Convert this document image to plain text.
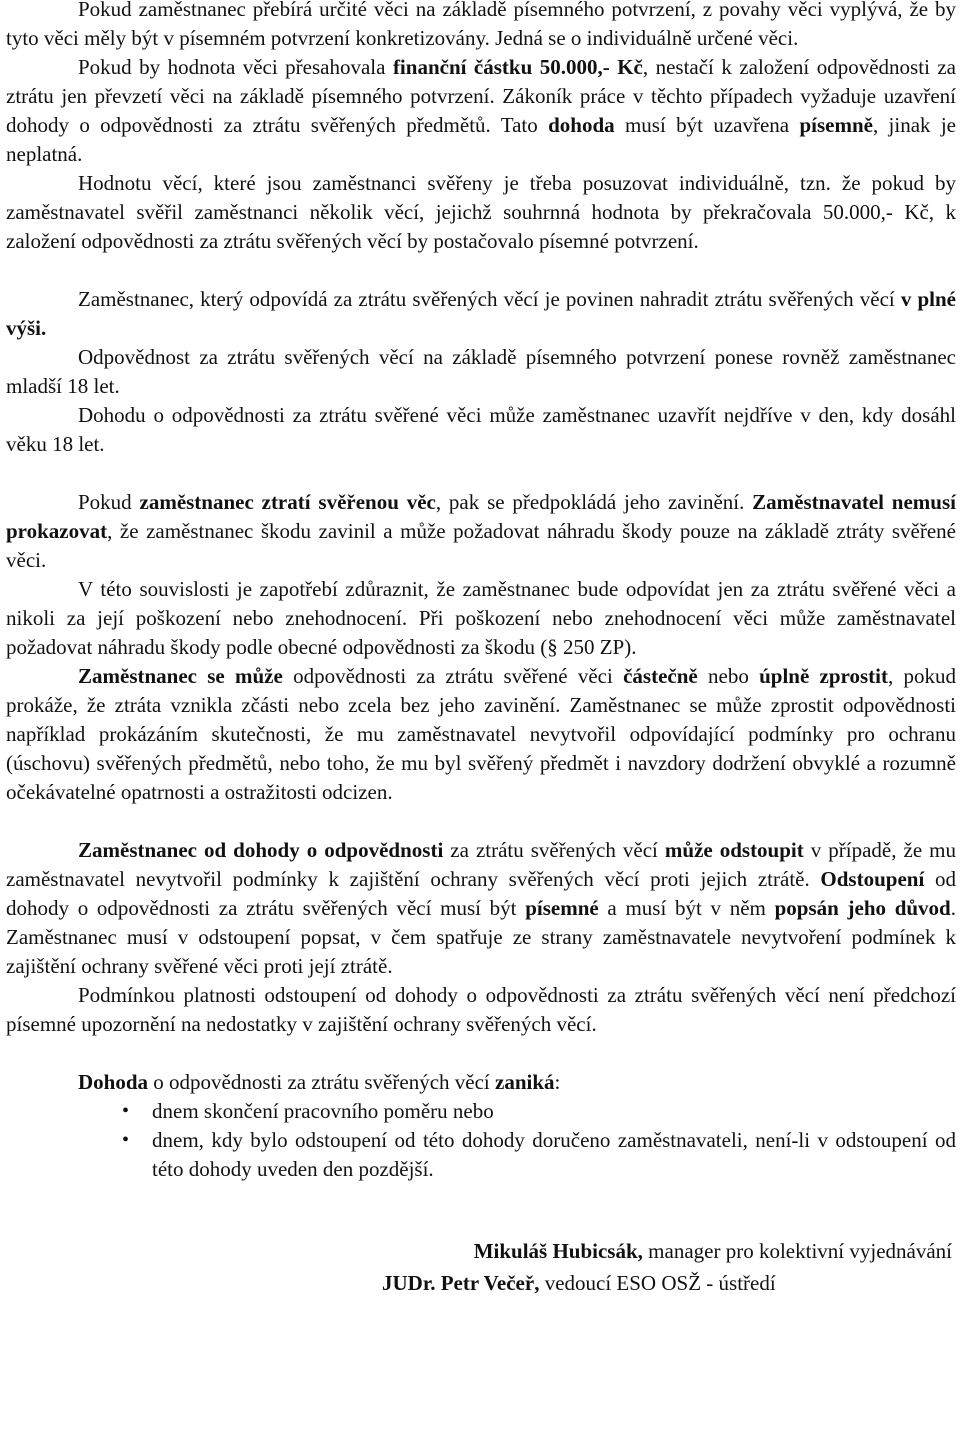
Pokud zaměstnanec přebírá určité věci na základě písemného potvrzení, z povahy věci vyplývá, že by tyto věci měly být v písemném potvrzení konkretizovány. Jedná se o individuálně určené věci.

Pokud by hodnota věci přesahovala finanční částku 50.000,- Kč, nestačí k založení odpovědnosti za ztrátu jen převzetí věci na základě písemného potvrzení. Zákoník práce v těchto případech vyžaduje uzavření dohody o odpovědnosti za ztrátu svěřených předmětů. Tato dohoda musí být uzavřena písemně, jinak je neplatná.

Hodnotu věcí, které jsou zaměstnanci svěřeny je třeba posuzovat individuálně, tzn. že pokud by zaměstnavatel svěřil zaměstnanci několik věcí, jejichž souhrnná hodnota by překračovala 50.000,- Kč, k založení odpovědnosti za ztrátu svěřených věcí by postačovalo písemné potvrzení.

Zaměstnanec, který odpovídá za ztrátu svěřených věcí je povinen nahradit ztrátu svěřených věcí v plné výši.

Odpovědnost za ztrátu svěřených věcí na základě písemného potvrzení ponese rovněž zaměstnanec mladší 18 let.

Dohodu o odpovědnosti za ztrátu svěřené věci může zaměstnanec uzavřít nejdříve v den, kdy dosáhl věku 18 let.

Pokud zaměstnanec ztratí svěřenou věc, pak se předpokládá jeho zavinění. Zaměstnavatel nemusí prokazovat, že zaměstnanec škodu zavinil a může požadovat náhradu škody pouze na základě ztráty svěřené věci.

V této souvislosti je zapotřebí zdůraznit, že zaměstnanec bude odpovídat jen za ztrátu svěřené věci a nikoli za její poškození nebo znehodnocení. Při poškození nebo znehodnocení věci může zaměstnavatel požadovat náhradu škody podle obecné odpovědnosti za škodu (§ 250 ZP).

Zaměstnanec se může odpovědnosti za ztrátu svěřené věci částečně nebo úplně zprostit, pokud prokáže, že ztráta vznikla zčásti nebo zcela bez jeho zavinění. Zaměstnanec se může zprostit odpovědnosti například prokázáním skutečnosti, že mu zaměstnavatel nevytvořil odpovídající podmínky pro ochranu (úschovu) svěřených předmětů, nebo toho, že mu byl svěřený předmět i navzdory dodržení obvyklé a rozumně očekávatelné opatrnosti a ostražitosti odcizen.

Zaměstnanec od dohody o odpovědnosti za ztrátu svěřených věcí může odstoupit v případě, že mu zaměstnavatel nevytvořil podmínky k zajištění ochrany svěřených věcí proti jejich ztrátě. Odstoupení od dohody o odpovědnosti za ztrátu svěřených věcí musí být písemné a musí být v něm popsán jeho důvod. Zaměstnanec musí v odstoupení popsat, v čem spatřuje ze strany zaměstnavatele nevytvoření podmínek k zajištění ochrany svěřené věci proti její ztrátě.

Podmínkou platnosti odstoupení od dohody o odpovědnosti za ztrátu svěřených věcí není předchozí písemné upozornění na nedostatky v zajištění ochrany svěřených věcí.

Dohoda o odpovědnosti za ztrátu svěřených věcí zaniká:

• dnem skončení pracovního poměru nebo
• dnem, kdy bylo odstoupení od této dohody doručeno zaměstnavateli, není-li v odstoupení od této dohody uveden den pozdější.
Mikuláš Hubicsák, manager pro kolektivní vyjednávání
JUDr. Petr Večeř, vedoucí ESO OSŽ - ústředí
